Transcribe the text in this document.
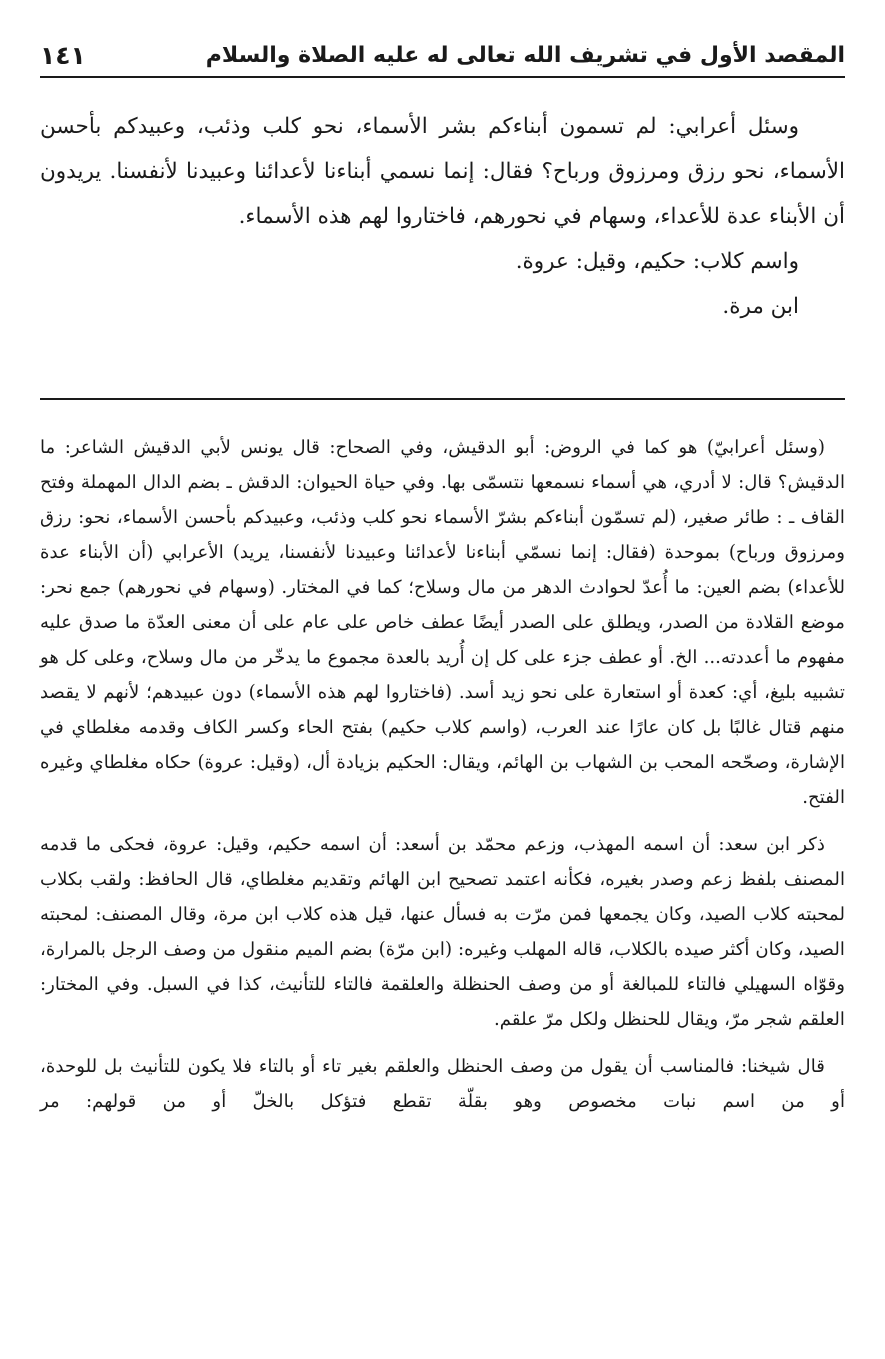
المقصد الأول في تشريف الله تعالى له عليه الصلاة والسلام
١٤١

وسئل أعرابي: لم تسمون أبناءكم بشر الأسماء، نحو كلب وذئب، وعبيدكم بأحسن الأسماء، نحو رزق ومرزوق ورباح؟ فقال: إنما نسمي أبناءنا لأعدائنا وعبيدنا لأنفسنا. يريدون أن الأبناء عدة للأعداء، وسهام في نحورهم، فاختاروا لهم هذه الأسماء.

واسم كلاب: حكيم، وقيل: عروة.

ابن مرة.

(وسئل أعرابيّ) هو كما في الروض: أبو الدقيش، وفي الصحاح: قال يونس لأبي الدقيش الشاعر: ما الدقيش؟ قال: لا أدري، هي أسماء نسمعها نتسمّى بها. وفي حياة الحيوان: الدقش ـ بضم الدال المهملة وفتح القاف ـ : طائر صغير، (لم تسمّون أبناءكم بشرّ الأسماء نحو كلب وذئب، وعبيدكم بأحسن الأسماء، نحو: رزق ومرزوق ورباح) بموحدة (فقال: إنما نسمّي أبناءنا لأعدائنا وعبيدنا لأنفسنا، يريد) الأعرابي (أن الأبناء عدة للأعداء) بضم العين: ما أُعدّ لحوادث الدهر من مال وسلاح؛ كما في المختار. (وسهام في نحورهم) جمع نحر: موضع القلادة من الصدر، ويطلق على الصدر أيضًا عطف خاص على عام على أن معنى العدّة ما صدق عليه مفهوم ما أعددته... الخ. أو عطف جزء على كل إن أُريد بالعدة مجموع ما يدخّر من مال وسلاح، وعلى كل هو تشبيه بليغ، أي: كعدة أو استعارة على نحو زيد أسد. (فاختاروا لهم هذه الأسماء) دون عبيدهم؛ لأنهم لا يقصد منهم قتال غالبًا بل كان عارًا عند العرب، (واسم كلاب حكيم) بفتح الحاء وكسر الكاف وقدمه مغلطاي في الإشارة، وصحّحه المحب بن الشهاب بن الهائم، ويقال: الحكيم بزيادة أل، (وقيل: عروة) حكاه مغلطاي وغيره الفتح.

ذكر ابن سعد: أن اسمه المهذب، وزعم محمّد بن أسعد: أن اسمه حكيم، وقيل: عروة، فحكى ما قدمه المصنف بلفظ زعم وصدر بغيره، فكأنه اعتمد تصحيح ابن الهائم وتقديم مغلطاي، قال الحافظ: ولقب بكلاب لمحبته كلاب الصيد، وكان يجمعها فمن مرّت به فسأل عنها، قيل هذه كلاب ابن مرة، وقال المصنف: لمحبته الصيد، وكان أكثر صيده بالكلاب، قاله المهلب وغيره: (ابن مرّة) بضم الميم منقول من وصف الرجل بالمرارة، وقوّاه السهيلي فالتاء للمبالغة أو من وصف الحنظلة والعلقمة فالتاء للتأنيث، كذا في السبل. وفي المختار: العلقم شجر مرّ، ويقال للحنظل ولكل مرّ علقم.

قال شيخنا: فالمناسب أن يقول من وصف الحنظل والعلقم بغير تاء أو بالتاء فلا يكون للتأنيث بل للوحدة، أو من اسم نبات مخصوص وهو بقلّة تقطع فتؤكل بالخلّ أو من قولهم: مر
